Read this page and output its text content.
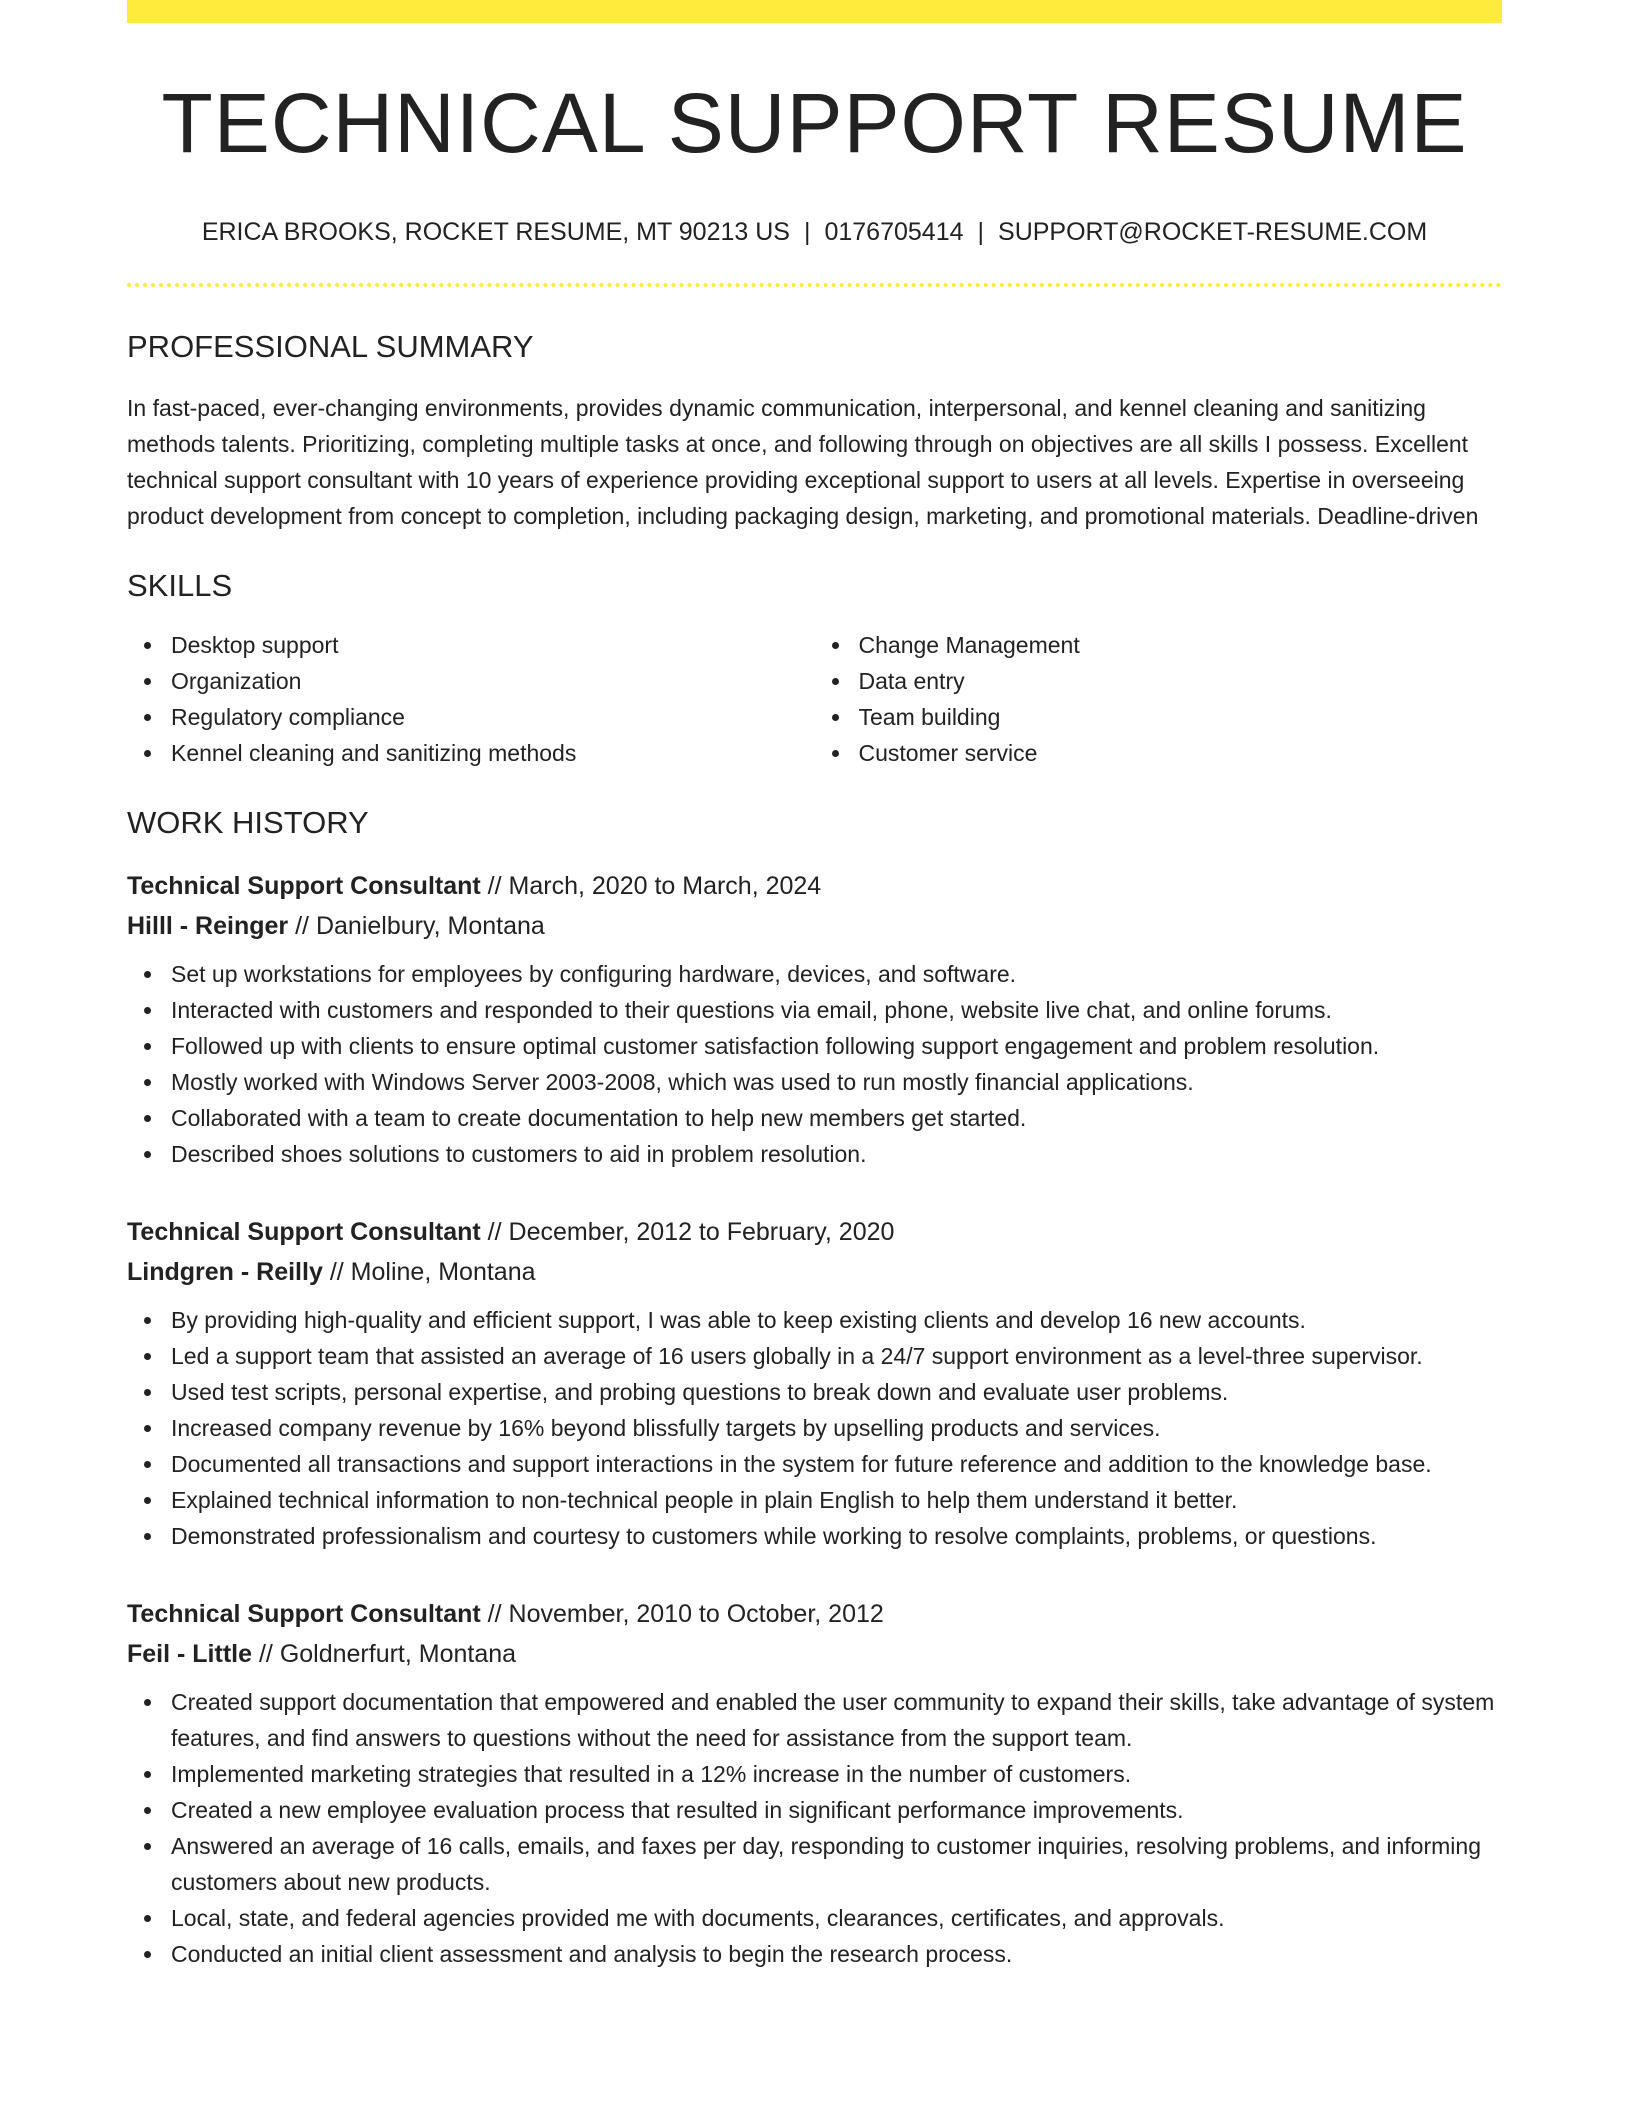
TECHNICAL SUPPORT RESUME
ERICA BROOKS, ROCKET RESUME, MT 90213 US | 0176705414 | SUPPORT@ROCKET-RESUME.COM
PROFESSIONAL SUMMARY

In fast-paced, ever-changing environments, provides dynamic communication, interpersonal, and kennel cleaning and sanitizing methods talents. Prioritizing, completing multiple tasks at once, and following through on objectives are all skills I possess. Excellent technical support consultant with 10 years of experience providing exceptional support to users at all levels. Expertise in overseeing product development from concept to completion, including packaging design, marketing, and promotional materials. Deadline-driven

SKILLS
Desktop support
Organization
Regulatory compliance
Kennel cleaning and sanitizing methods
Change Management
Data entry
Team building
Customer service
WORK HISTORY
Technical Support Consultant // March, 2020 to March, 2024
Hilll - Reinger // Danielbury, Montana
Set up workstations for employees by configuring hardware, devices, and software.
Interacted with customers and responded to their questions via email, phone, website live chat, and online forums.
Followed up with clients to ensure optimal customer satisfaction following support engagement and problem resolution.
Mostly worked with Windows Server 2003-2008, which was used to run mostly financial applications.
Collaborated with a team to create documentation to help new members get started.
Described shoes solutions to customers to aid in problem resolution.
Technical Support Consultant // December, 2012 to February, 2020
Lindgren - Reilly // Moline, Montana
By providing high-quality and efficient support, I was able to keep existing clients and develop 16 new accounts.
Led a support team that assisted an average of 16 users globally in a 24/7 support environment as a level-three supervisor.
Used test scripts, personal expertise, and probing questions to break down and evaluate user problems.
Increased company revenue by 16% beyond blissfully targets by upselling products and services.
Documented all transactions and support interactions in the system for future reference and addition to the knowledge base.
Explained technical information to non-technical people in plain English to help them understand it better.
Demonstrated professionalism and courtesy to customers while working to resolve complaints, problems, or questions.
Technical Support Consultant // November, 2010 to October, 2012
Feil - Little // Goldnerfurt, Montana
Created support documentation that empowered and enabled the user community to expand their skills, take advantage of system features, and find answers to questions without the need for assistance from the support team.
Implemented marketing strategies that resulted in a 12% increase in the number of customers.
Created a new employee evaluation process that resulted in significant performance improvements.
Answered an average of 16 calls, emails, and faxes per day, responding to customer inquiries, resolving problems, and informing customers about new products.
Local, state, and federal agencies provided me with documents, clearances, certificates, and approvals.
Conducted an initial client assessment and analysis to begin the research process.
